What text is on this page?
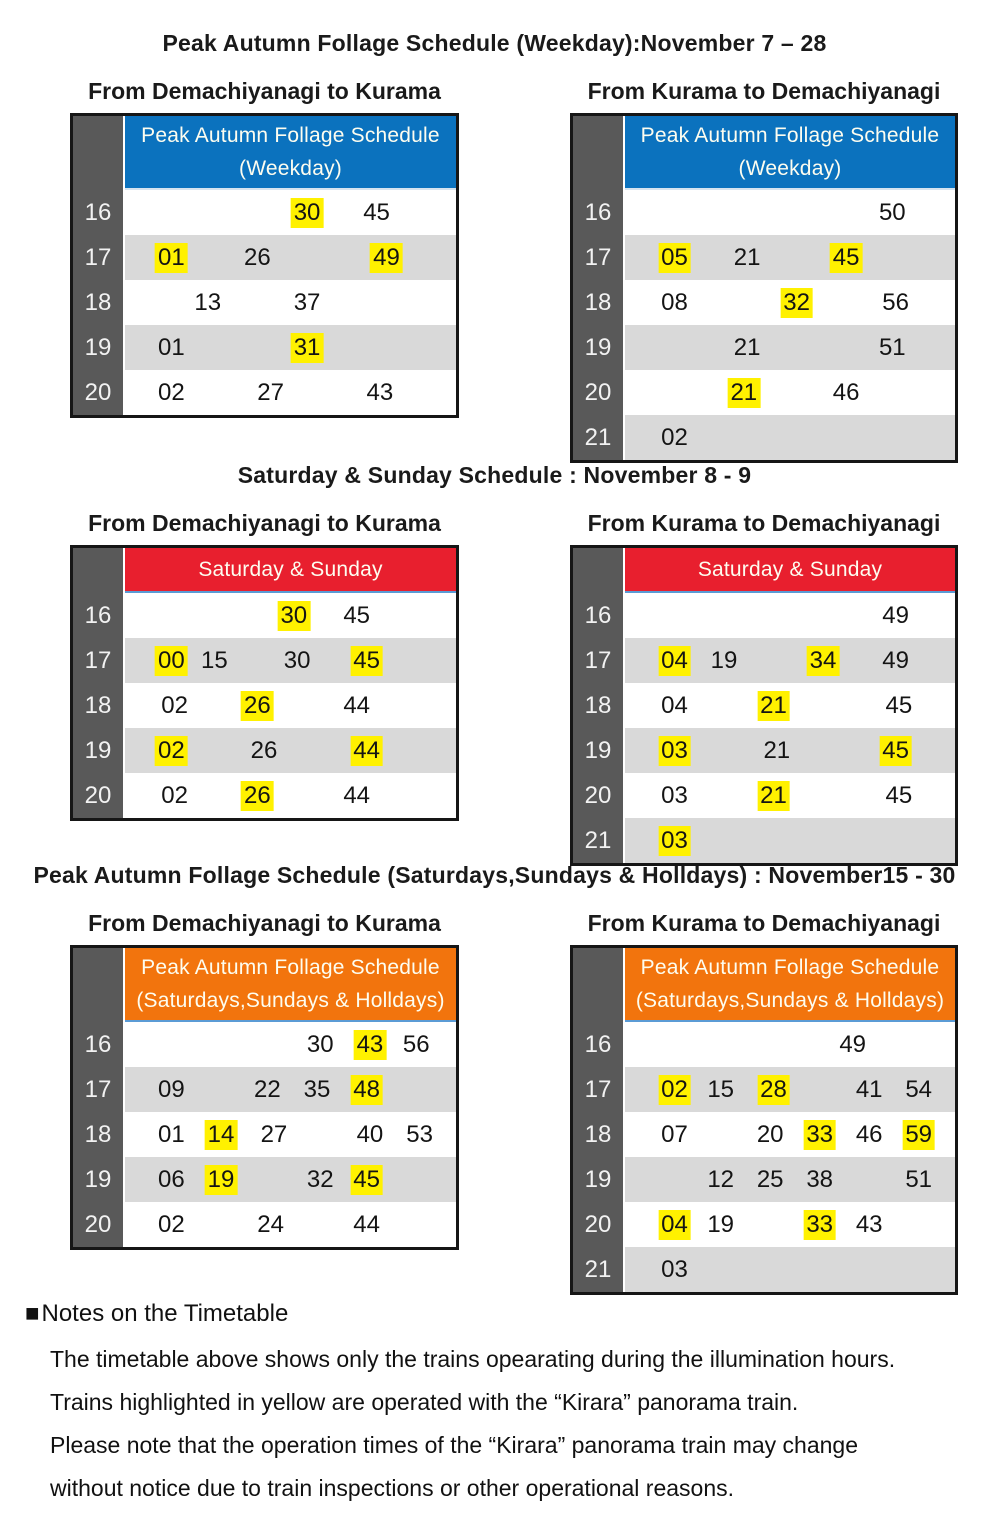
Peak Autumn Follage Schedule (Weekday):November 7 – 28
From Demachiyanagi to Kurama	From Kurama to Demachiyanagi
Peak Autumn Follage Schedule
(Weekday)
16	30 45
17	01 26	49
18	13	37
19	01	31
20	02	27	43
Peak Autumn Follage Schedule
(Weekday)
16	50
17	05 21	45
18	08	32	56
19	21	51
20	21	46
21	02
Saturday & Sunday Schedule : November 8 - 9
From Demachiyanagi to Kurama	From Kurama to Demachiyanagi
Saturday & Sunday
16	30 45
17	00 15 30 45
18	02 26	44
19	02	26	44
20	02 26	44
Saturday & Sunday
16	49
17	04 19	34 49
18	04	21	45
19	03	21	45
20	03	21	45
21	03
Peak Autumn Follage Schedule (Saturdays,Sundays & Holldays) : November15 - 30
From Demachiyanagi to Kurama	From Kurama to Demachiyanagi
Peak Autumn Follage Schedule
(Saturdays,Sundays & Holldays)
16	30 43 56
17	09	22 35 48
18	01 14 27	40 53
19	06 19	32 45
20	02	24	44
Peak Autumn Follage Schedule
(Saturdays,Sundays & Holldays)
16	49
17	02 15 28	41 54
18	07	20 33 46 59
19	12 25 38	51
20	04 19	33 43
21	03
■Notes on the Timetable
The timetable above shows only the trains opearating during the illumination hours.
Trains highlighted in yellow are operated with the “Kirara” panorama train.
Please note that the operation times of the “Kirara” panorama train may change
without notice due to train inspections or other operational reasons.
